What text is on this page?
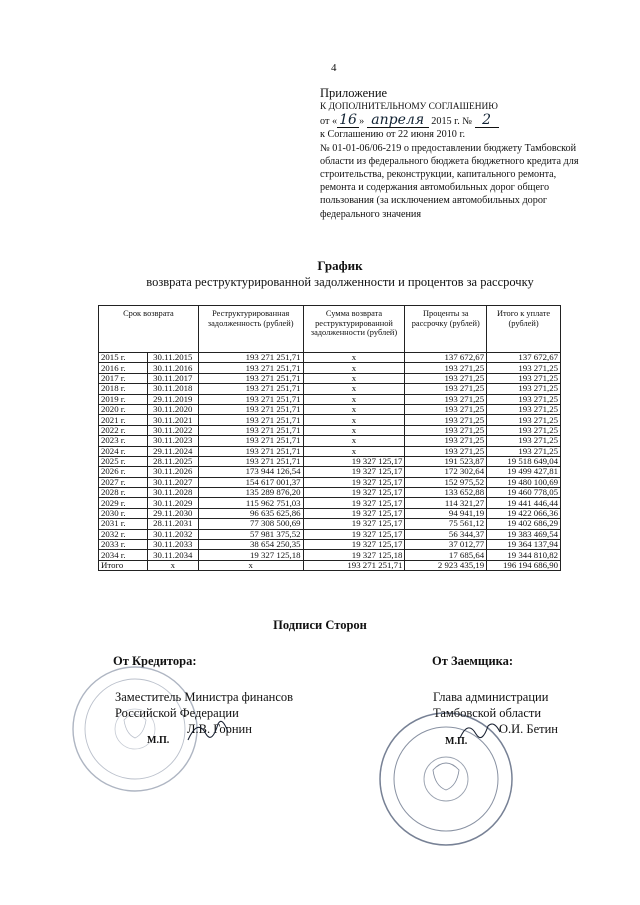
4
Приложение
К ДОПОЛНИТЕЛЬНОМУ СОГЛАШЕНИЮ
от « 16 » апреля 2015 г. № 2
к Соглашению от 22 июня 2010 г.
№ 01-01-06/06-219 о предоставлении бюджету Тамбовской области из федерального бюджета бюджетного кредита для строительства, реконструкции, капитального ремонта, ремонта и содержания автомобильных дорог общего пользования (за исключением автомобильных дорог федерального значения
График
возврата реструктурированной задолженности и процентов за рассрочку
Срок возврата		Реструктурированная задолженность (рублей)	Сумма возврата реструктурированной задолженности (рублей)	Проценты за рассрочку (рублей)	Итого к уплате (рублей)
2015 г.	30.11.2015	193 271 251,71	х	137 672,67	137 672,67
2016 г.	30.11.2016	193 271 251,71	х	193 271,25	193 271,25
2017 г.	30.11.2017	193 271 251,71	х	193 271,25	193 271,25
2018 г.	30.11.2018	193 271 251,71	х	193 271,25	193 271,25
2019 г.	29.11.2019	193 271 251,71	х	193 271,25	193 271,25
2020 г.	30.11.2020	193 271 251,71	х	193 271,25	193 271,25
2021 г.	30.11.2021	193 271 251,71	х	193 271,25	193 271,25
2022 г.	30.11.2022	193 271 251,71	х	193 271,25	193 271,25
2023 г.	30.11.2023	193 271 251,71	х	193 271,25	193 271,25
2024 г.	29.11.2024	193 271 251,71	х	193 271,25	193 271,25
2025 г.	28.11.2025	193 271 251,71	19 327 125,17	191 523,87	19 518 649,04
2026 г.	30.11.2026	173 944 126,54	19 327 125,17	172 302,64	19 499 427,81
2027 г.	30.11.2027	154 617 001,37	19 327 125,17	152 975,52	19 480 100,69
2028 г.	30.11.2028	135 289 876,20	19 327 125,17	133 652,88	19 460 778,05
2029 г.	30.11.2029	115 962 751,03	19 327 125,17	114 321,27	19 441 446,44
2030 г.	29.11.2030	96 635 625,86	19 327 125,17	94 941,19	19 422 066,36
2031 г.	28.11.2031	77 308 500,69	19 327 125,17	75 561,12	19 402 686,29
2032 г.	30.11.2032	57 981 375,52	19 327 125,17	56 344,37	19 383 469,54
2033 г.	30.11.2033	38 654 250,35	19 327 125,17	37 012,77	19 364 137,94
2034 г.	30.11.2034	19 327 125,18	19 327 125,18	17 685,64	19 344 810,82
Итого	х	х	193 271 251,71	2 923 435,19	196 194 686,90
Подписи Сторон
От Кредитора:	От Заемщика:
Заместитель Министра финансов
Российской Федерации
Л.В. Горнин
М.П.
Глава администрации
Тамбовской области
О.И. Бетин
М.П.
